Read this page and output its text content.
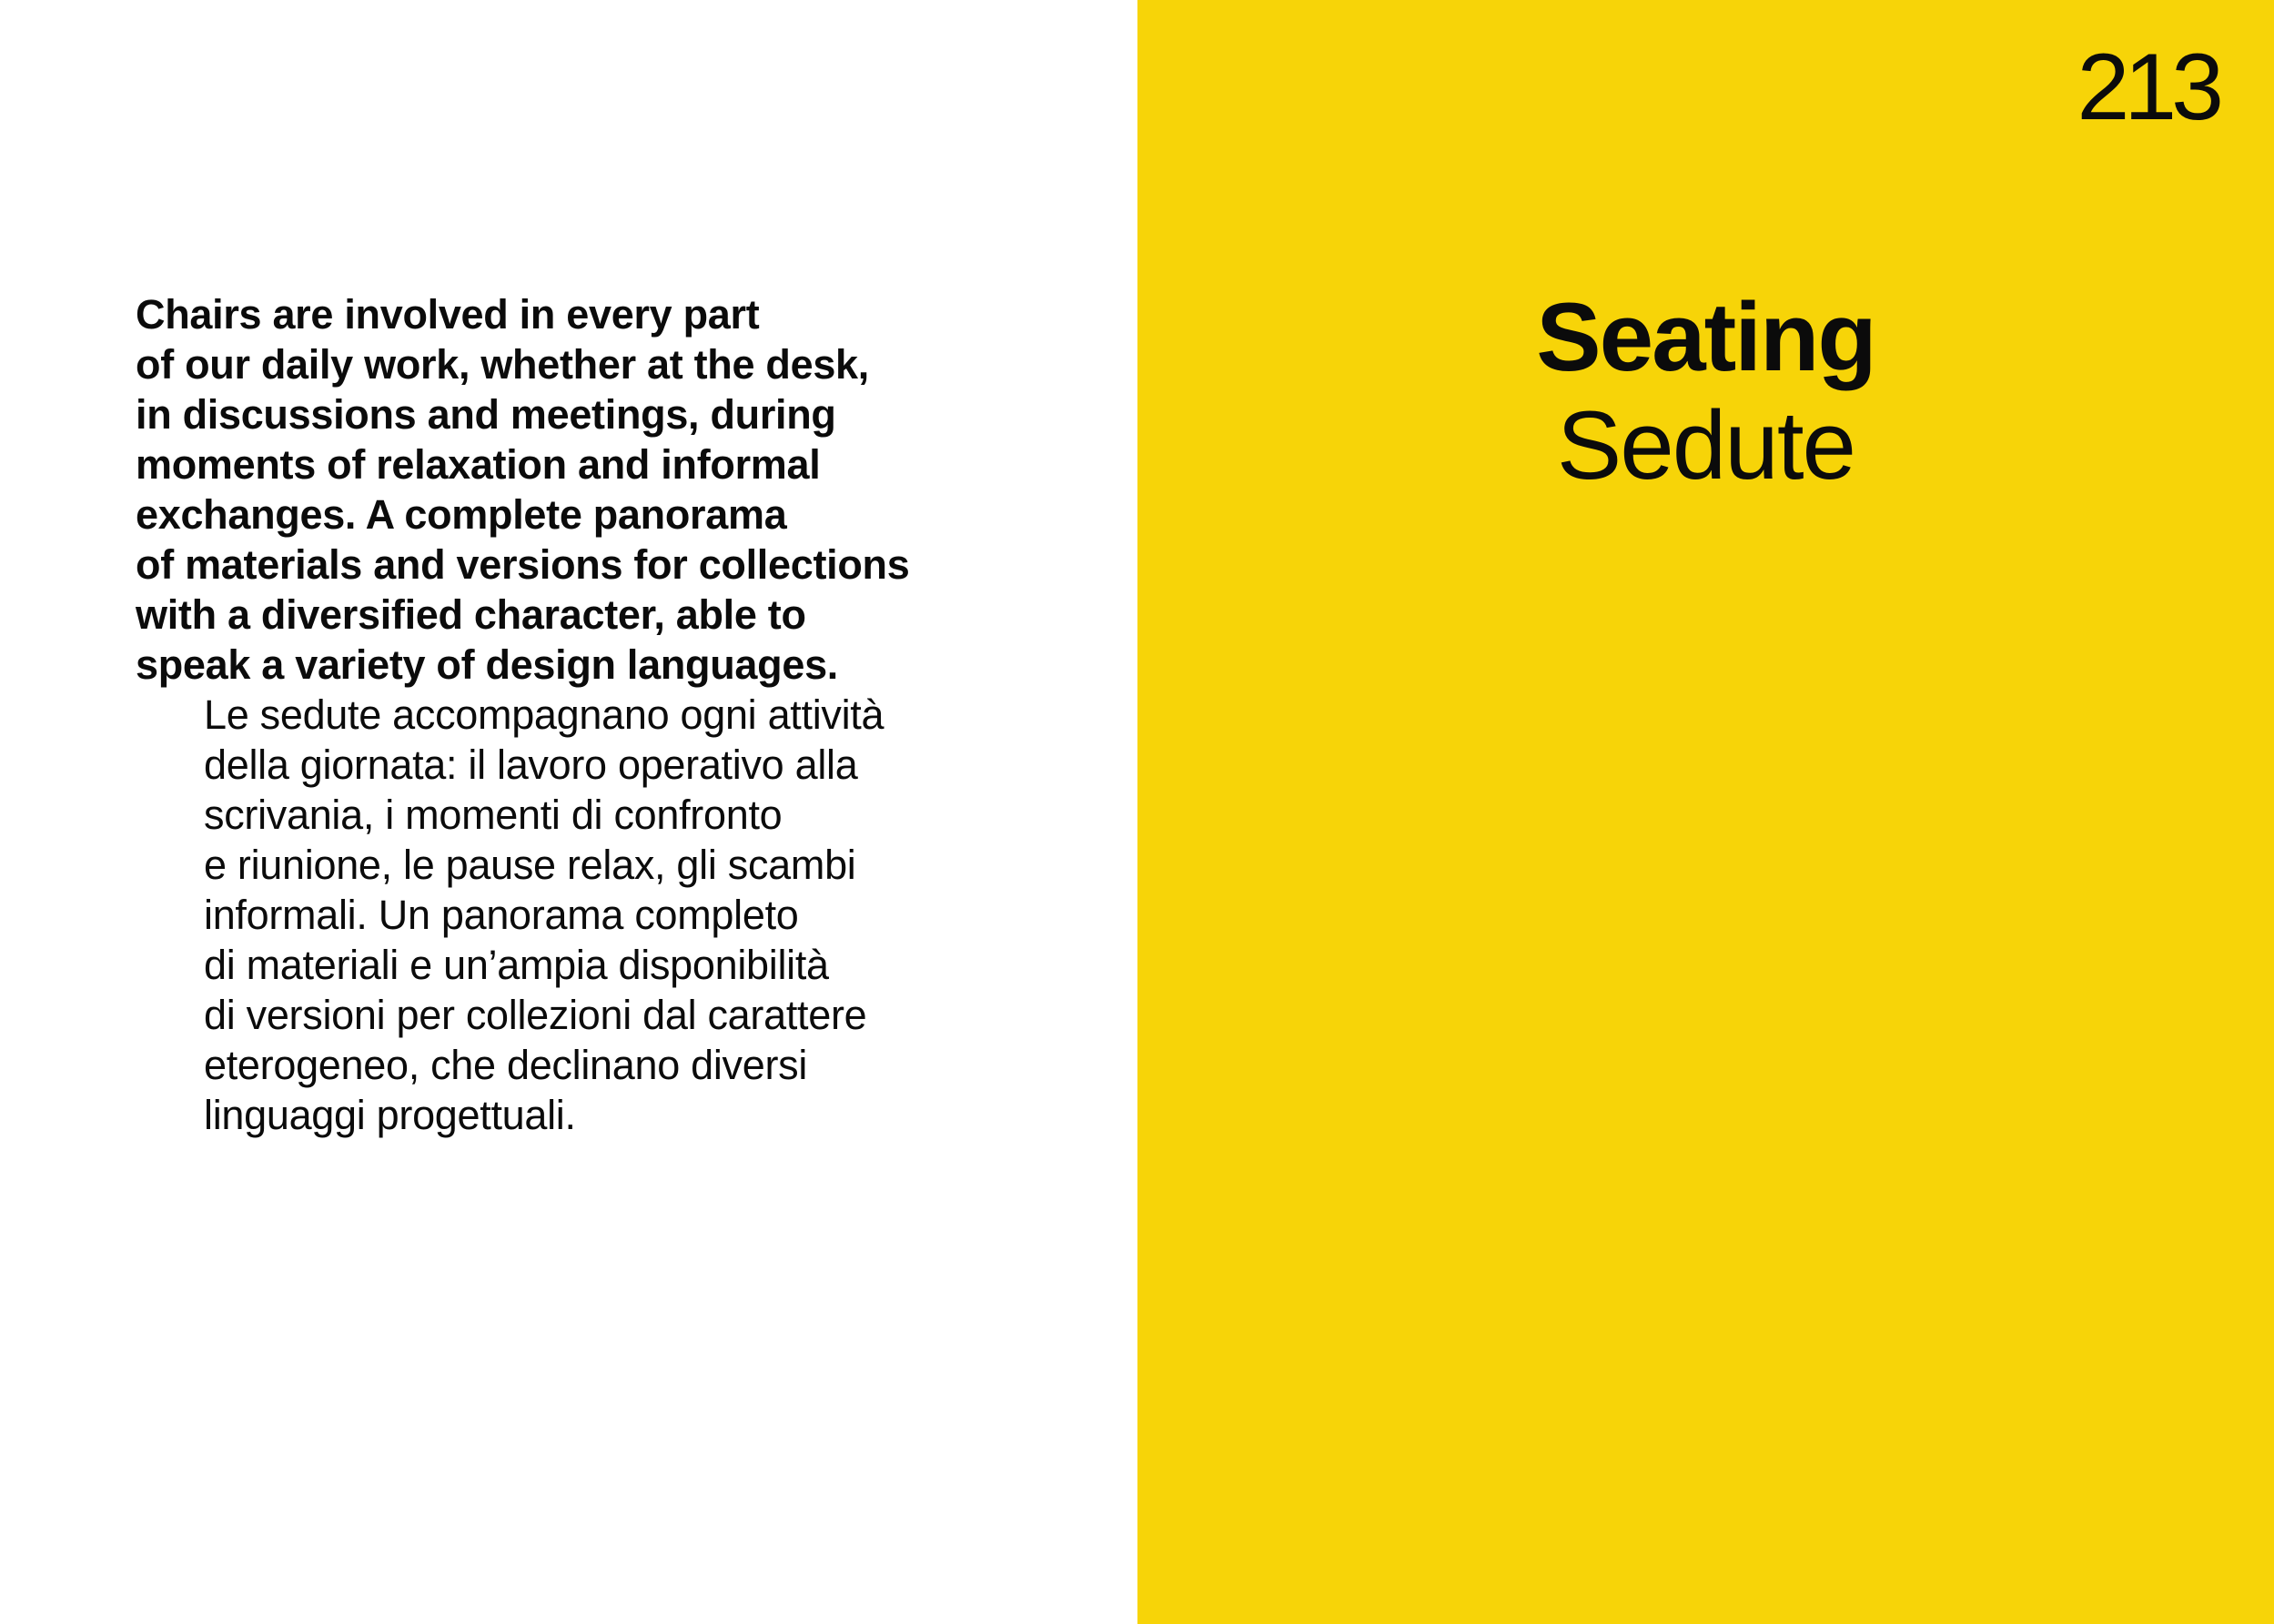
Chairs are involved in every part
of our daily work, whether at the desk,
in discussions and meetings, during
moments of relaxation and informal
exchanges. A complete panorama
of materials and versions for collections
with a diversified character, able to
speak a variety of design languages.

Le sedute accompagnano ogni attività
della giornata: il lavoro operativo alla
scrivania, i momenti di confronto
e riunione, le pause relax, gli scambi
informali. Un panorama completo
di materiali e un’ampia disponibilità
di versioni per collezioni dal carattere
eterogeneo, che declinano diversi
linguaggi progettuali.

213
Seating
Sedute
